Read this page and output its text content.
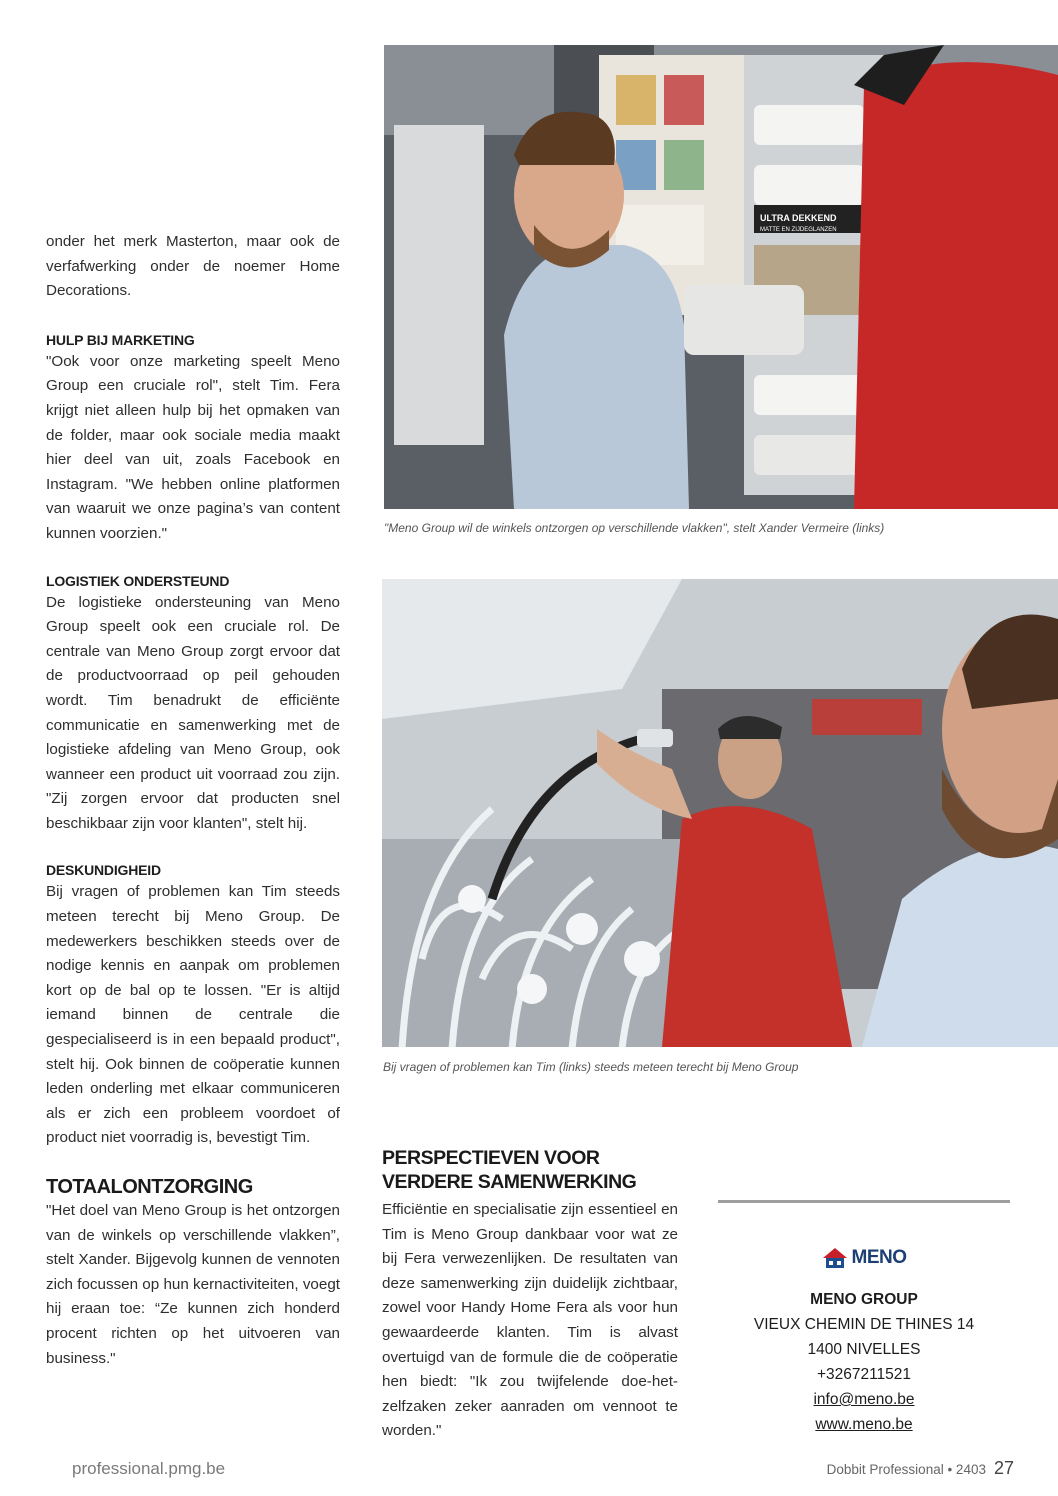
onder het merk Masterton, maar ook de verfafwerking onder de noemer Home Decorations.

HULP BIJ MARKETING

"Ook voor onze marketing speelt Meno Group een cruciale rol", stelt Tim. Fera krijgt niet alleen hulp bij het opmaken van de folder, maar ook sociale media maakt hier deel van uit, zoals Facebook en Instagram. "We hebben online platformen van waaruit we onze pagina’s van content kunnen voorzien."

LOGISTIEK ONDERSTEUND

De logistieke ondersteuning van Meno Group speelt ook een cruciale rol. De centrale van Meno Group zorgt ervoor dat de productvoorraad op peil gehouden wordt. Tim benadrukt de efficiënte communicatie en samenwerking met de logistieke afdeling van Meno Group, ook wanneer een product uit voorraad zou zijn. "Zij zorgen ervoor dat producten snel beschikbaar zijn voor klanten", stelt hij.

DESKUNDIGHEID

Bij vragen of problemen kan Tim steeds meteen terecht bij Meno Group. De medewerkers beschikken steeds over de nodige kennis en aanpak om problemen kort op de bal op te lossen. "Er is altijd iemand binnen de centrale die gespecialiseerd is in een bepaald product", stelt hij. Ook binnen de coöperatie kunnen leden onderling met elkaar communiceren als er zich een probleem voordoet of product niet voorradig is, bevestigt Tim.

TOTAALONTZORGING

"Het doel van Meno Group is het ontzorgen van de winkels op verschillende vlakken”, stelt Xander. Bijgevolg kunnen de vennoten zich focussen op hun kernactiviteiten, voegt hij eraan toe: “Ze kunnen zich honderd procent richten op het uitvoeren van business."

ULTRA DEKKEND
MATTE EN ZIJDEGLANZEN
"Meno Group wil de winkels ontzorgen op verschillende vlakken", stelt Xander Vermeire (links)
Bij vragen of problemen kan Tim (links) steeds meteen terecht bij Meno Group

PERSPECTIEVEN VOOR VERDERE SAMENWERKING

Efficiëntie en specialisatie zijn essentieel en Tim is Meno Group dankbaar voor wat ze bij Fera verwezenlijken. De resultaten van deze samenwerking zijn duidelijk zichtbaar, zowel voor Handy Home Fera als voor hun gewaardeerde klanten. Tim is alvast overtuigd van de formule die de coöperatie hen biedt: "Ik zou twijfelende doe-het-zelfzaken zeker aanraden om vennoot te worden."

MENO
MENO GROUP
VIEUX CHEMIN DE THINES 14
1400 NIVELLES
+3267211521
info@meno.be
www.meno.be
professional.pmg.be	Dobbit Professional • 2403 27
